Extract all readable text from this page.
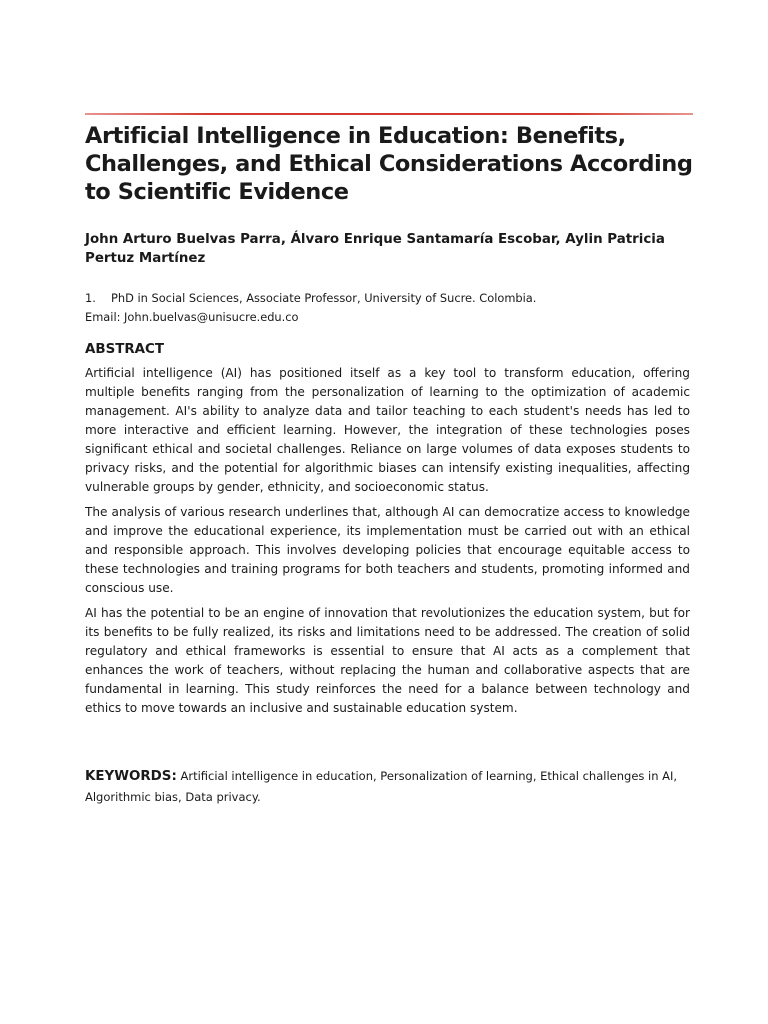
Artificial Intelligence in Education: Benefits, Challenges, and Ethical Considerations According to Scientific Evidence

John Arturo Buelvas Parra, Álvaro Enrique Santamaría Escobar, Aylin Patricia Pertuz Martínez

1. PhD in Social Sciences, Associate Professor, University of Sucre. Colombia.
Email: John.buelvas@unisucre.edu.co
ABSTRACT

Artificial intelligence (AI) has positioned itself as a key tool to transform education, offering multiple benefits ranging from the personalization of learning to the optimization of academic management. AI's ability to analyze data and tailor teaching to each student's needs has led to more interactive and efficient learning. However, the integration of these technologies poses significant ethical and societal challenges. Reliance on large volumes of data exposes students to privacy risks, and the potential for algorithmic biases can intensify existing inequalities, affecting vulnerable groups by gender, ethnicity, and socioeconomic status.

The analysis of various research underlines that, although AI can democratize access to knowledge and improve the educational experience, its implementation must be carried out with an ethical and responsible approach. This involves developing policies that encourage equitable access to these technologies and training programs for both teachers and students, promoting informed and conscious use.

AI has the potential to be an engine of innovation that revolutionizes the education system, but for its benefits to be fully realized, its risks and limitations need to be addressed. The creation of solid regulatory and ethical frameworks is essential to ensure that AI acts as a complement that enhances the work of teachers, without replacing the human and collaborative aspects that are fundamental in learning. This study reinforces the need for a balance between technology and ethics to move towards an inclusive and sustainable education system.

KEYWORDS: Artificial intelligence in education, Personalization of learning, Ethical challenges in AI, Algorithmic bias, Data privacy.
